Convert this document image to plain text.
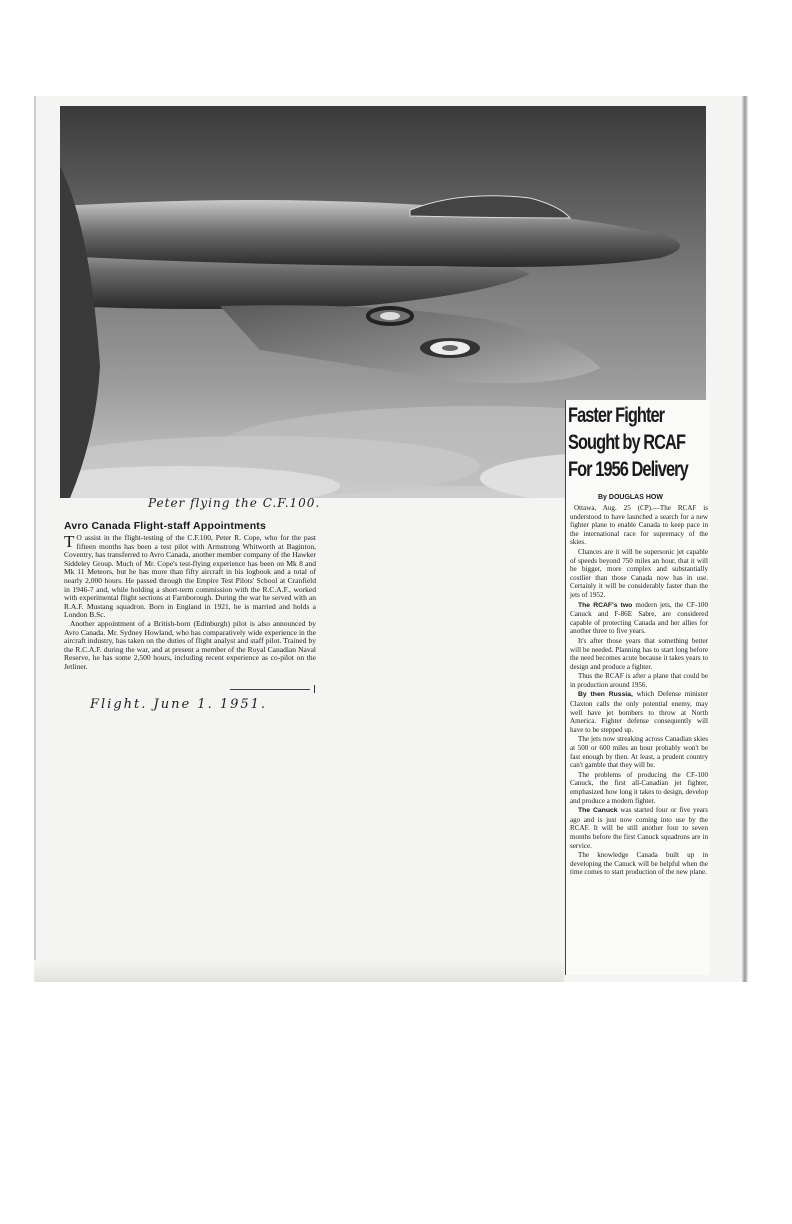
Peter flying the C.F.100.
Avro Canada Flight-staff Appointments

T O assist in the flight-testing of the C.F.100, Peter R. Cope, who for the past fifteen months has been a test pilot with Armstrong Whitworth at Baginton, Coventry, has transferred to Avro Canada, another member company of the Hawker Siddeley Group. Much of Mr. Cope's test-flying experience has been on Mk 8 and Mk 11 Meteors, but he has more than fifty aircraft in his logbook and a total of nearly 2,000 hours. He passed through the Empire Test Pilots' School at Cranfield in 1946-7 and, while holding a short-term commission with the R.C.A.F., worked with experimental flight sections at Farnborough. During the war he served with an R.A.F. Mustang squadron. Born in England in 1921, he is married and holds a London B.Sc.

Another appointment of a British-born (Edinburgh) pilot is also announced by Avro Canada. Mr. Sydney Howland, who has comparatively wide experience in the aircraft industry, has taken on the duties of flight analyst and staff pilot. Trained by the R.C.A.F. during the war, and at present a member of the Royal Canadian Naval Reserve, he has some 2,500 hours, including recent experience as co-pilot on the Jetliner.

Flight. June 1. 1951.
Faster Fighter
Sought by RCAF
For 1956 Delivery
By DOUGLAS HOW

Ottawa, Aug. 25 (CP).—The RCAF is understood to have launched a search for a new fighter plane to enable Canada to keep pace in the international race for supremacy of the skies.

Chances are it will be supersonic jet capable of speeds beyond 750 miles an hour, that it will be bigger, more complex and substantially costlier than those Canada now has in use. Certainly it will be considerably faster than the jets of 1952.

The RCAF's two modern jets, the CF-100 Canuck and F-86E Sabre, are considered capable of protecting Canada and her allies for another three to five years.

It's after those years that something better will be needed. Planning has to start long before the need becomes acute because it takes years to design and produce a fighter.

Thus the RCAF is after a plane that could be in production around 1956.

By then Russia, which Defense minister Claxton calls the only potential enemy, may well have jet bombers to throw at North America. Fighter defense consequently will have to be stepped up.

The jets now streaking across Canadian skies at 500 or 600 miles an hour probably won't be fast enough by then. At least, a prudent country can't gamble that they will be.

The problems of producing the CF-100 Canuck, the first all-Canadian jet fighter, emphasized how long it takes to design, develop and produce a modern fighter.

The Canuck was started four or five years ago and is just now coming into use by the RCAF. It will be still another four to seven months before the first Canuck squadrons are in service.

The knowledge Canada built up in developing the Canuck will be helpful when the time comes to start production of the new plane.
